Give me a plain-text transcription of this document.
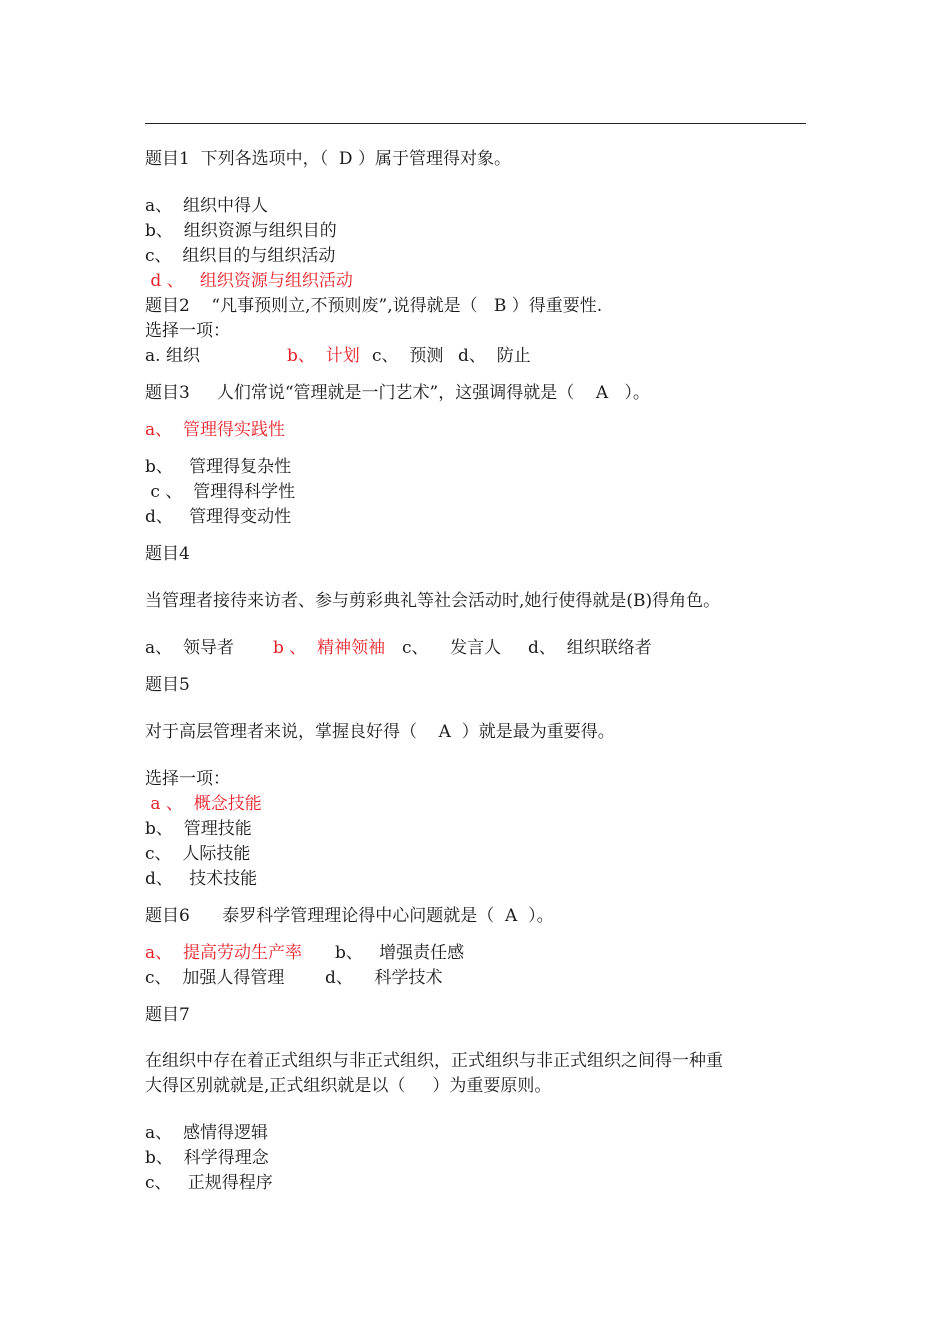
题目1  下列各选项中，（  D ）属于管理得对象。

a、  组织中得人

b、  组织资源与组织目的

c、  组织目的与组织活动

d 、   组织资源与组织活动

题目2    “凡事预则立,不预则废”,说得就是（   B ）得重要性.

选择一项：

a. 组织	b、  计划 c、  预测 d、  防止

题目3     人们常说“管理就是一门艺术”，这强调得就是（    A   ）。

a、  管理得实践性

b、   管理得复杂性

c 、  管理得科学性

d、   管理得变动性

题目4

当管理者接待来访者、参与剪彩典礼等社会活动时,她行使得就是(B)得角色。

a、  领导者 b 、  精神领袖 c、    发言人 d、  组织联络者

题目5

对于高层管理者来说，掌握良好得（    A  ）就是最为重要得。

选择一项：

a 、  概念技能

b、  管理技能

c、  人际技能

d、   技术技能

题目6      泰罗科学管理理论得中心问题就是（  A  ）。

a、  提高劳动生产率 b、   增强责任感
c、  加强人得管理 d、    科学技术

题目7

在组织中存在着正式组织与非正式组织，正式组织与非正式组织之间得一种重

大得区别就就是,正式组织就是以（     ）为重要原则。

a、  感情得逻辑

b、  科学得理念

c、   正规得程序
